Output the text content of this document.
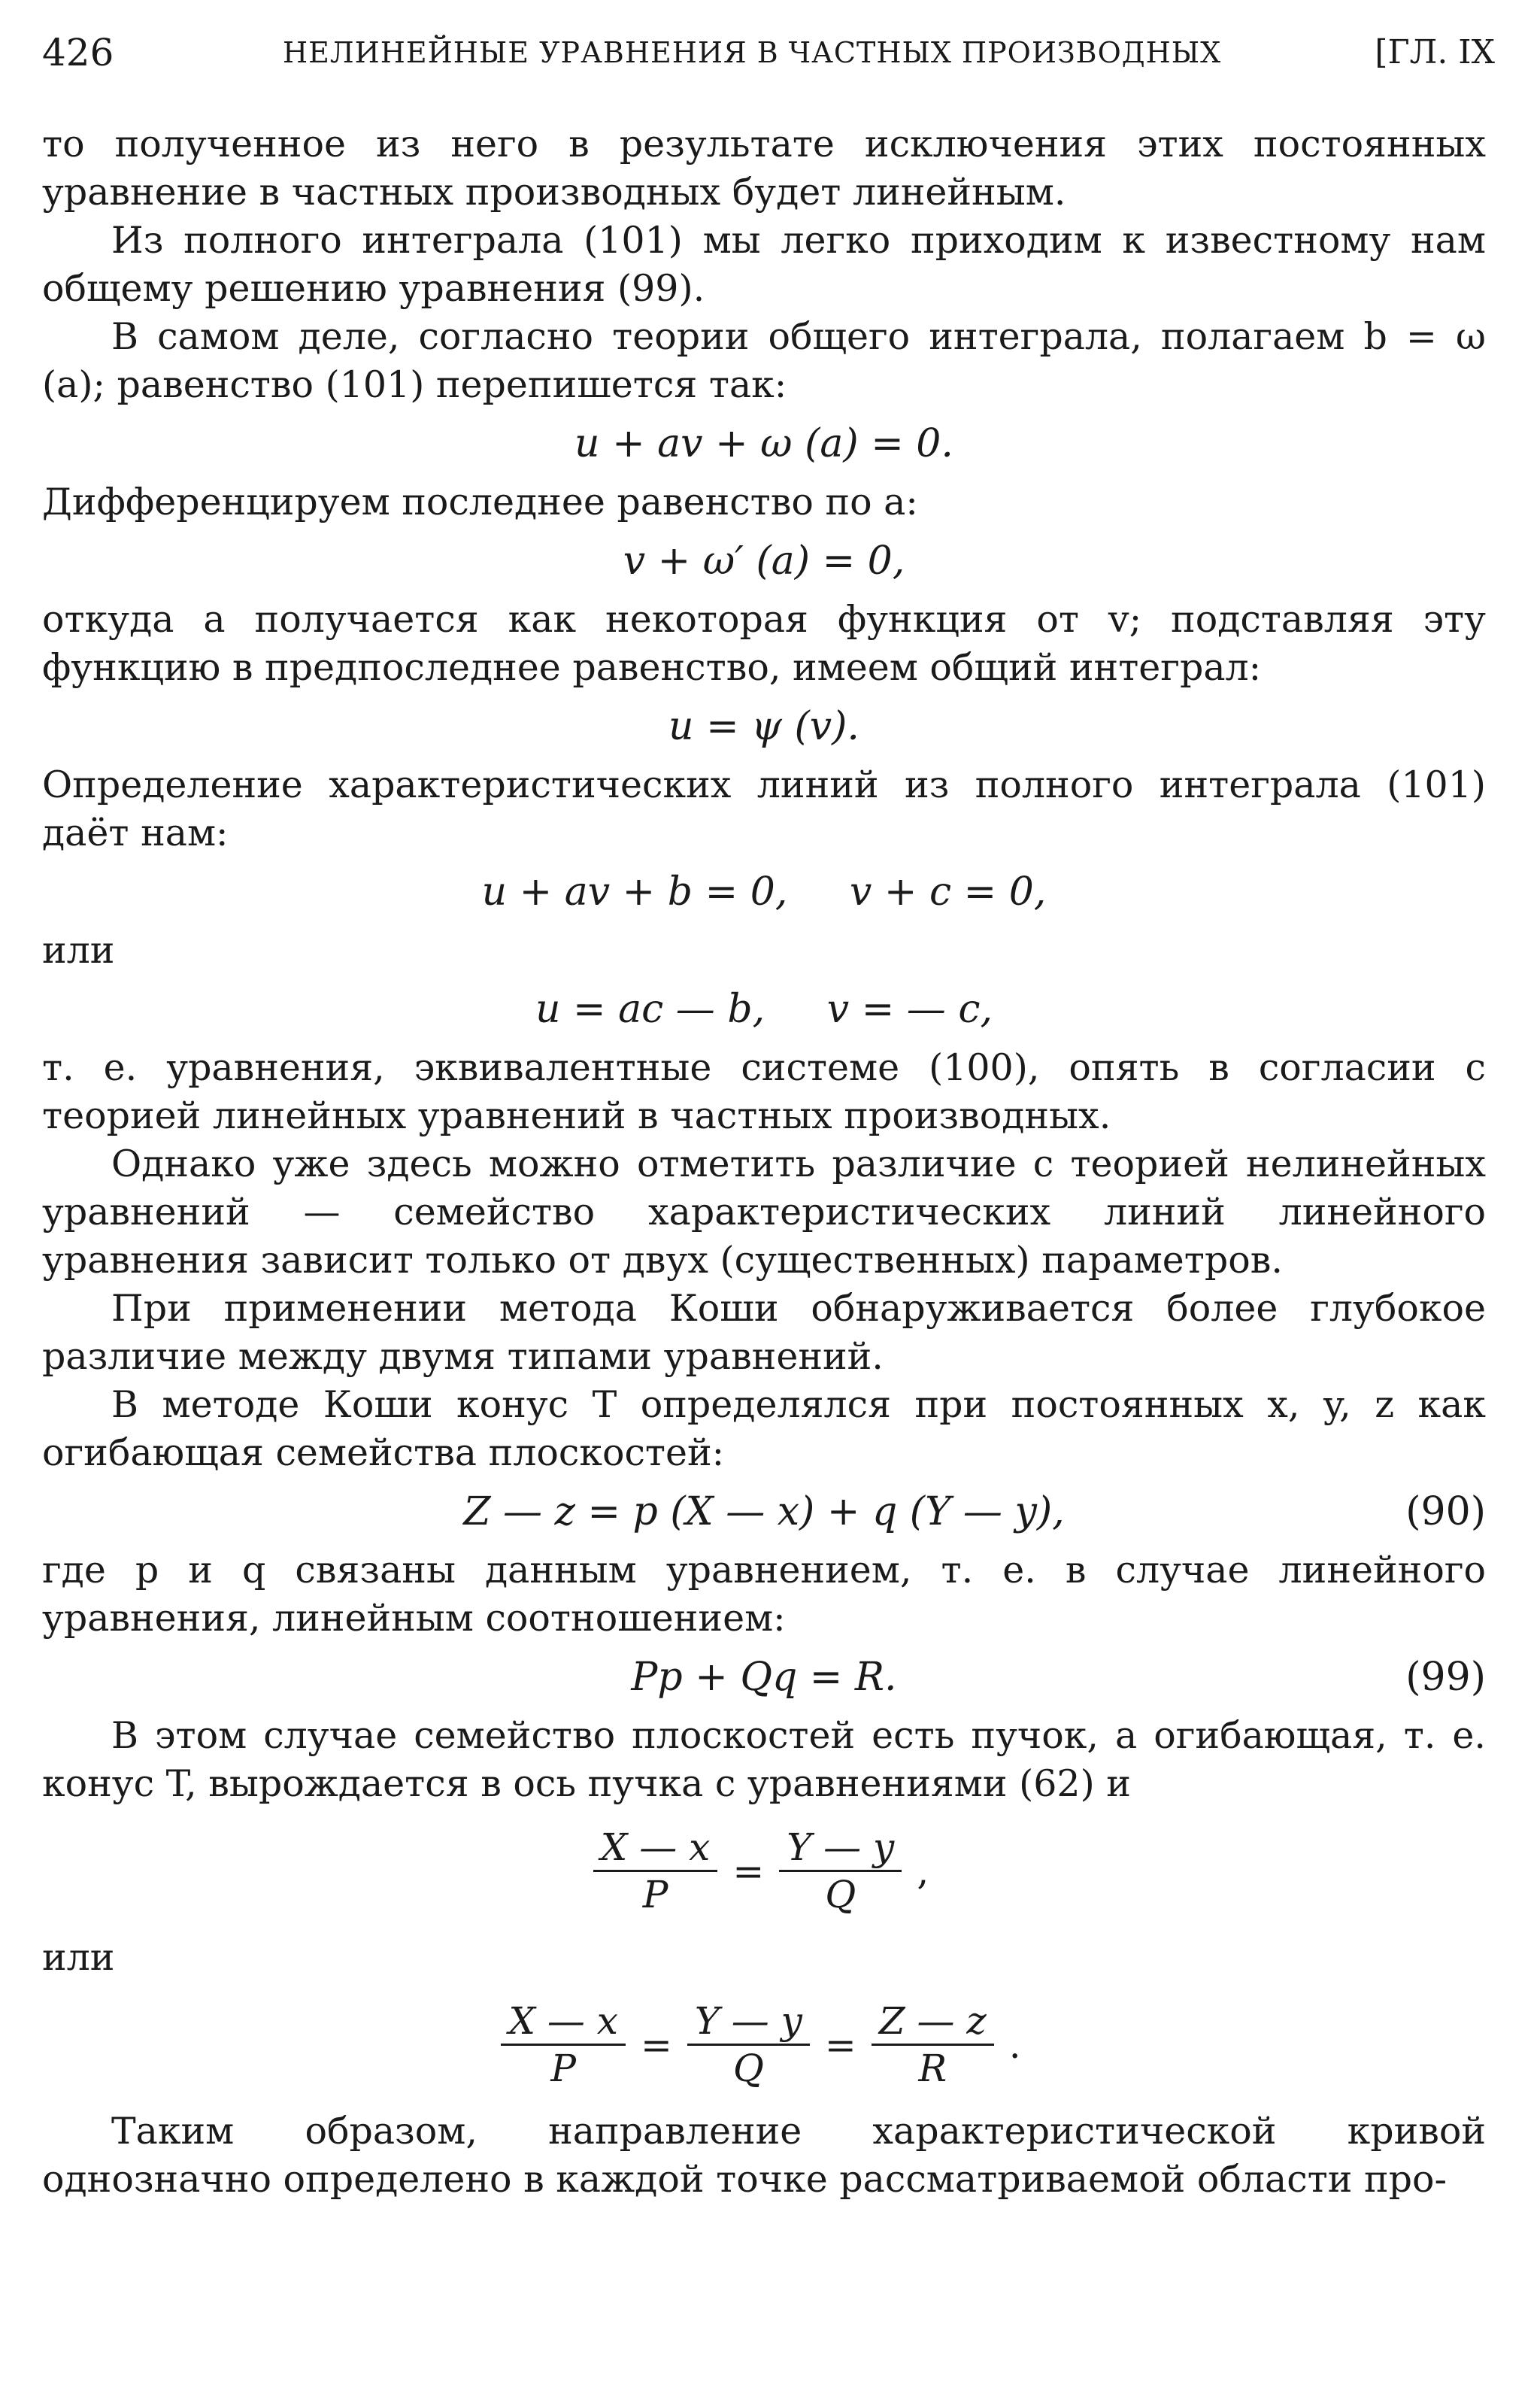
426	НЕЛИНЕЙНЫЕ УРАВНЕНИЯ В ЧАСТНЫХ ПРОИЗВОДНЫХ	[ГЛ. IX

то полученное из него в результате исключения этих постоянных уравнение в частных производных будет линейным.

Из полного интеграла (101) мы легко приходим к известному нам общему решению уравнения (99).

В самом деле, согласно теории общего интеграла, полагаем b = ω (a); равенство (101) перепишется так:

u + av + ω (a) = 0.

Дифференцируем последнее равенство по a:

v + ω′ (a) = 0,

откуда a получается как некоторая функция от v; подставляя эту функцию в предпоследнее равенство, имеем общий интеграл:

u = ψ (v).

Определение характеристических линий из полного интеграла (101) даёт нам:

u + av + b = 0,     v + c = 0,

или

u = ac — b,     v = — c,

т. е. уравнения, эквивалентные системе (100), опять в согласии с теорией линейных уравнений в частных производных.

Однако уже здесь можно отметить различие с теорией нелинейных уравнений — семейство характеристических линий линейного уравнения зависит только от двух (существенных) параметров.

При применении метода Коши обнаруживается более глубокое различие между двумя типами уравнений.

В методе Коши конус T определялся при постоянных x, y, z как огибающая семейства плоскостей:

Z — z = p (X — x) + q (Y — y),	(90)

где p и q связаны данным уравнением, т. е. в случае линейного уравнения, линейным соотношением:

Pp + Qq = R.	(99)

В этом случае семейство плоскостей есть пучок, а огибающая, т. е. конус T, вырождается в ось пучка с уравнениями (62) и

$\frac{X — x}{P} = \frac{Y — y}{Q}$ ,

или

$\frac{X — x}{P} = \frac{Y — y}{Q} = \frac{Z — z}{R}$ .

Таким образом, направление характеристической кривой однозначно определено в каждой точке рассматриваемой области про-
